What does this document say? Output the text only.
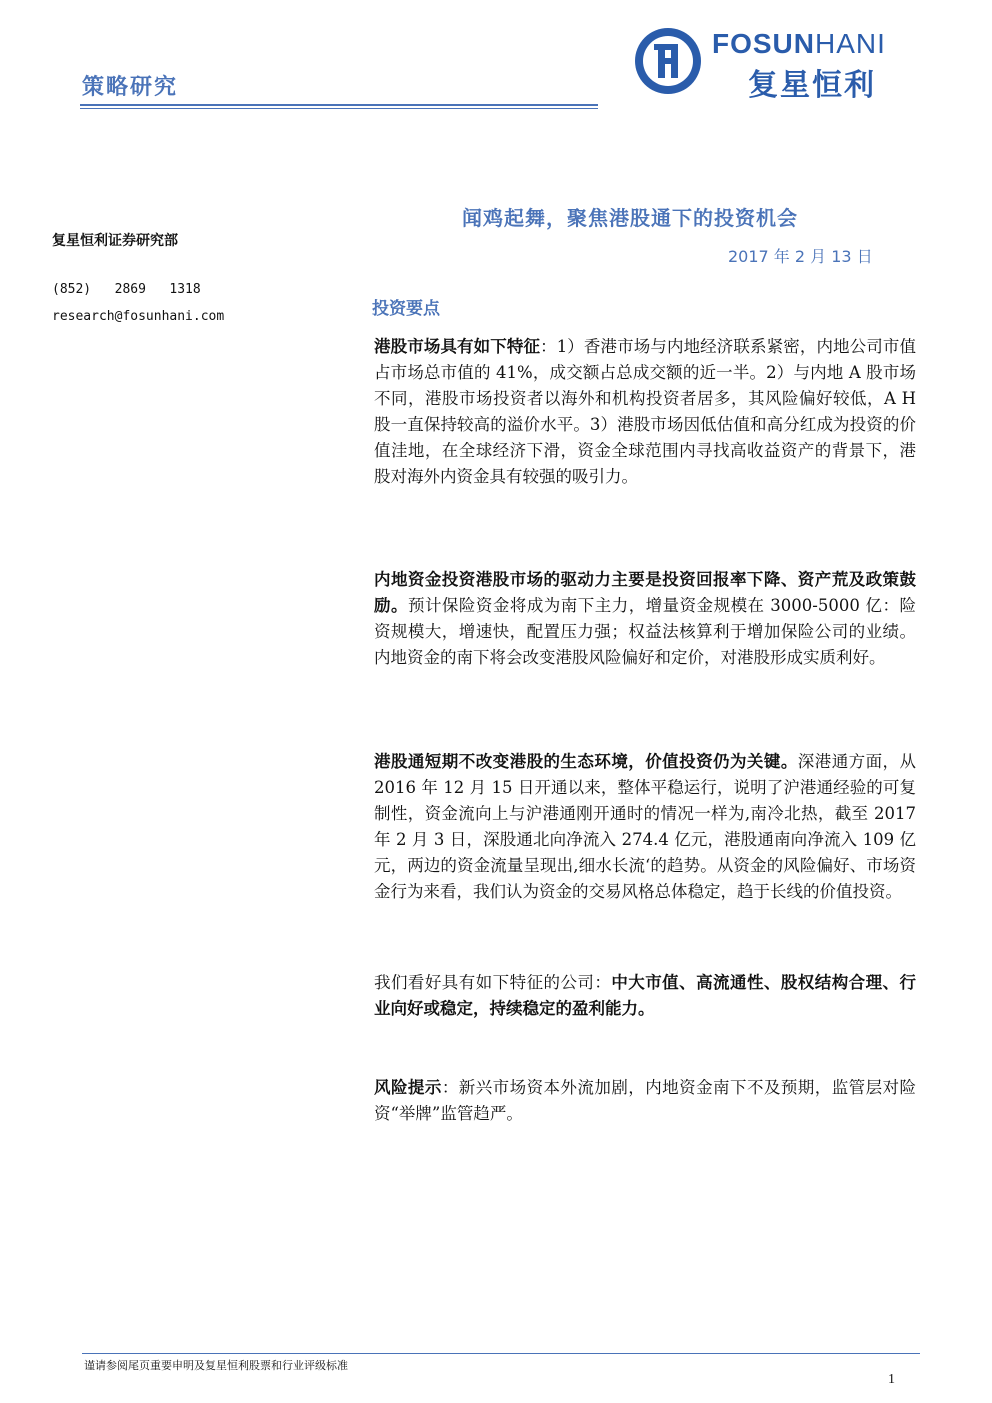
策略研究
FOSUNHANI
复星恒利
闻鸡起舞，聚焦港股通下的投资机会
2017 年 2 月 13 日
复星恒利证券研究部
(852)   2869   1318
research@fosunhani.com	投资要点
港股市场具有如下特征：1）香港市场与内地经济联系紧密，内地公司市值占市场总市值的 41%，成交额占总成交额的近一半。2）与内地 A 股市场不同，港股市场投资者以海外和机构投资者居多，其风险偏好较低，A H 股一直保持较高的溢价水平。3）港股市场因低估值和高分红成为投资的价值洼地，在全球经济下滑，资金全球范围内寻找高收益资产的背景下，港股对海外内资金具有较强的吸引力。
内地资金投资港股市场的驱动力主要是投资回报率下降、资产荒及政策鼓励。预计保险资金将成为南下主力，增量资金规模在 3000-5000 亿：险资规模大，增速快，配置压力强；权益法核算利于增加保险公司的业绩。内地资金的南下将会改变港股风险偏好和定价，对港股形成实质利好。
港股通短期不改变港股的生态环境，价值投资仍为关键。深港通方面，从 2016 年 12 月 15 日开通以来，整体平稳运行，说明了沪港通经验的可复制性，资金流向上与沪港通刚开通时的情况一样为,南冷北热，截至 2017 年 2 月 3 日，深股通北向净流入 274.4 亿元，港股通南向净流入 109 亿元，两边的资金流量呈现出,细水长流‘的趋势。从资金的风险偏好、市场资金行为来看，我们认为资金的交易风格总体稳定，趋于长线的价值投资。
我们看好具有如下特征的公司：中大市值、高流通性、股权结构合理、行业向好或稳定，持续稳定的盈利能力。
风险提示：新兴市场资本外流加剧，内地资金南下不及预期，监管层对险资“举牌”监管趋严。
谨请参阅尾页重要申明及复星恒利股票和行业评级标准
1
